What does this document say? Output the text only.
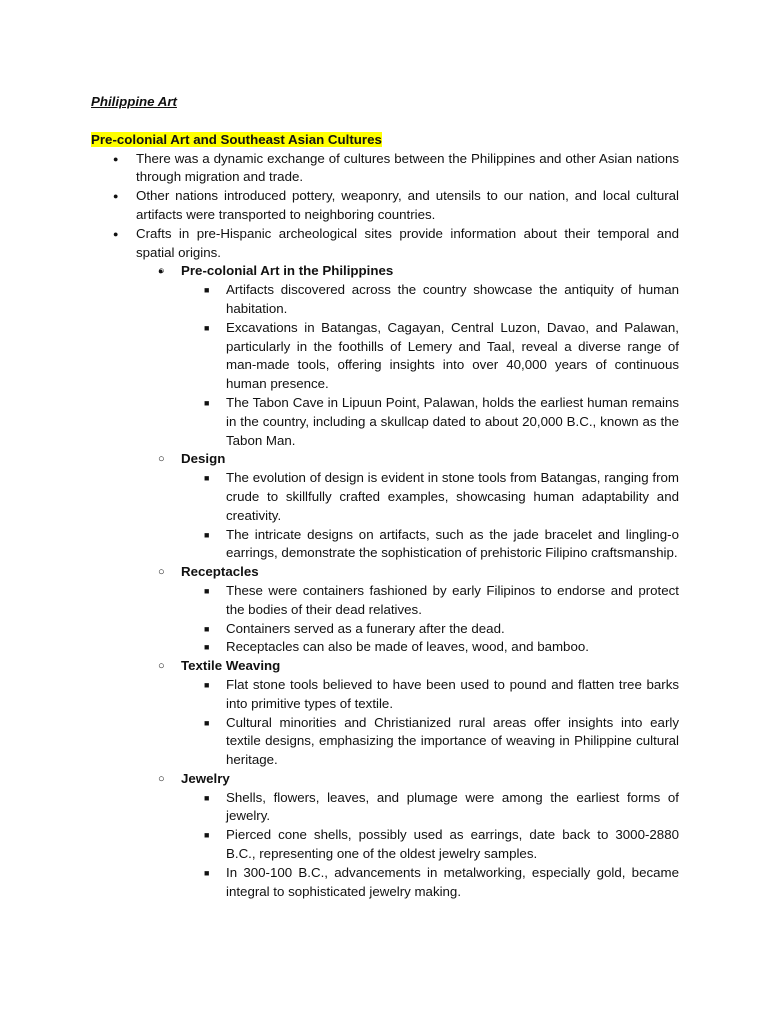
Philippine Art

Pre-colonial Art and Southeast Asian Cultures

● There was a dynamic exchange of cultures between the Philippines and other Asian nations through migration and trade.
● Other nations introduced pottery, weaponry, and utensils to our nation, and local cultural artifacts were transported to neighboring countries.
● Crafts in pre-Hispanic archeological sites provide information about their temporal and spatial origins.
○ ● Pre-colonial Art in the Philippines
■ Artifacts discovered across the country showcase the antiquity of human habitation.
■ Excavations in Batangas, Cagayan, Central Luzon, Davao, and Palawan, particularly in the foothills of Lemery and Taal, reveal a diverse range of man-made tools, offering insights into over 40,000 years of continuous human presence.
■ The Tabon Cave in Lipuun Point, Palawan, holds the earliest human remains in the country, including a skullcap dated to about 20,000 B.C., known as the Tabon Man.
○ Design
■ The evolution of design is evident in stone tools from Batangas, ranging from crude to skillfully crafted examples, showcasing human adaptability and creativity.
■ The intricate designs on artifacts, such as the jade bracelet and lingling-o earrings, demonstrate the sophistication of prehistoric Filipino craftsmanship.
○ Receptacles
■ These were containers fashioned by early Filipinos to endorse and protect the bodies of their dead relatives.
■ Containers served as a funerary after the dead.
■ Receptacles can also be made of leaves, wood, and bamboo.
○ Textile Weaving
■ Flat stone tools believed to have been used to pound and flatten tree barks into primitive types of textile.
■ Cultural minorities and Christianized rural areas offer insights into early textile designs, emphasizing the importance of weaving in Philippine cultural heritage.
○ Jewelry
■ Shells, flowers, leaves, and plumage were among the earliest forms of jewelry.
■ Pierced cone shells, possibly used as earrings, date back to 3000-2880 B.C., representing one of the oldest jewelry samples.
■ In 300-100 B.C., advancements in metalworking, especially gold, became integral to sophisticated jewelry making.
